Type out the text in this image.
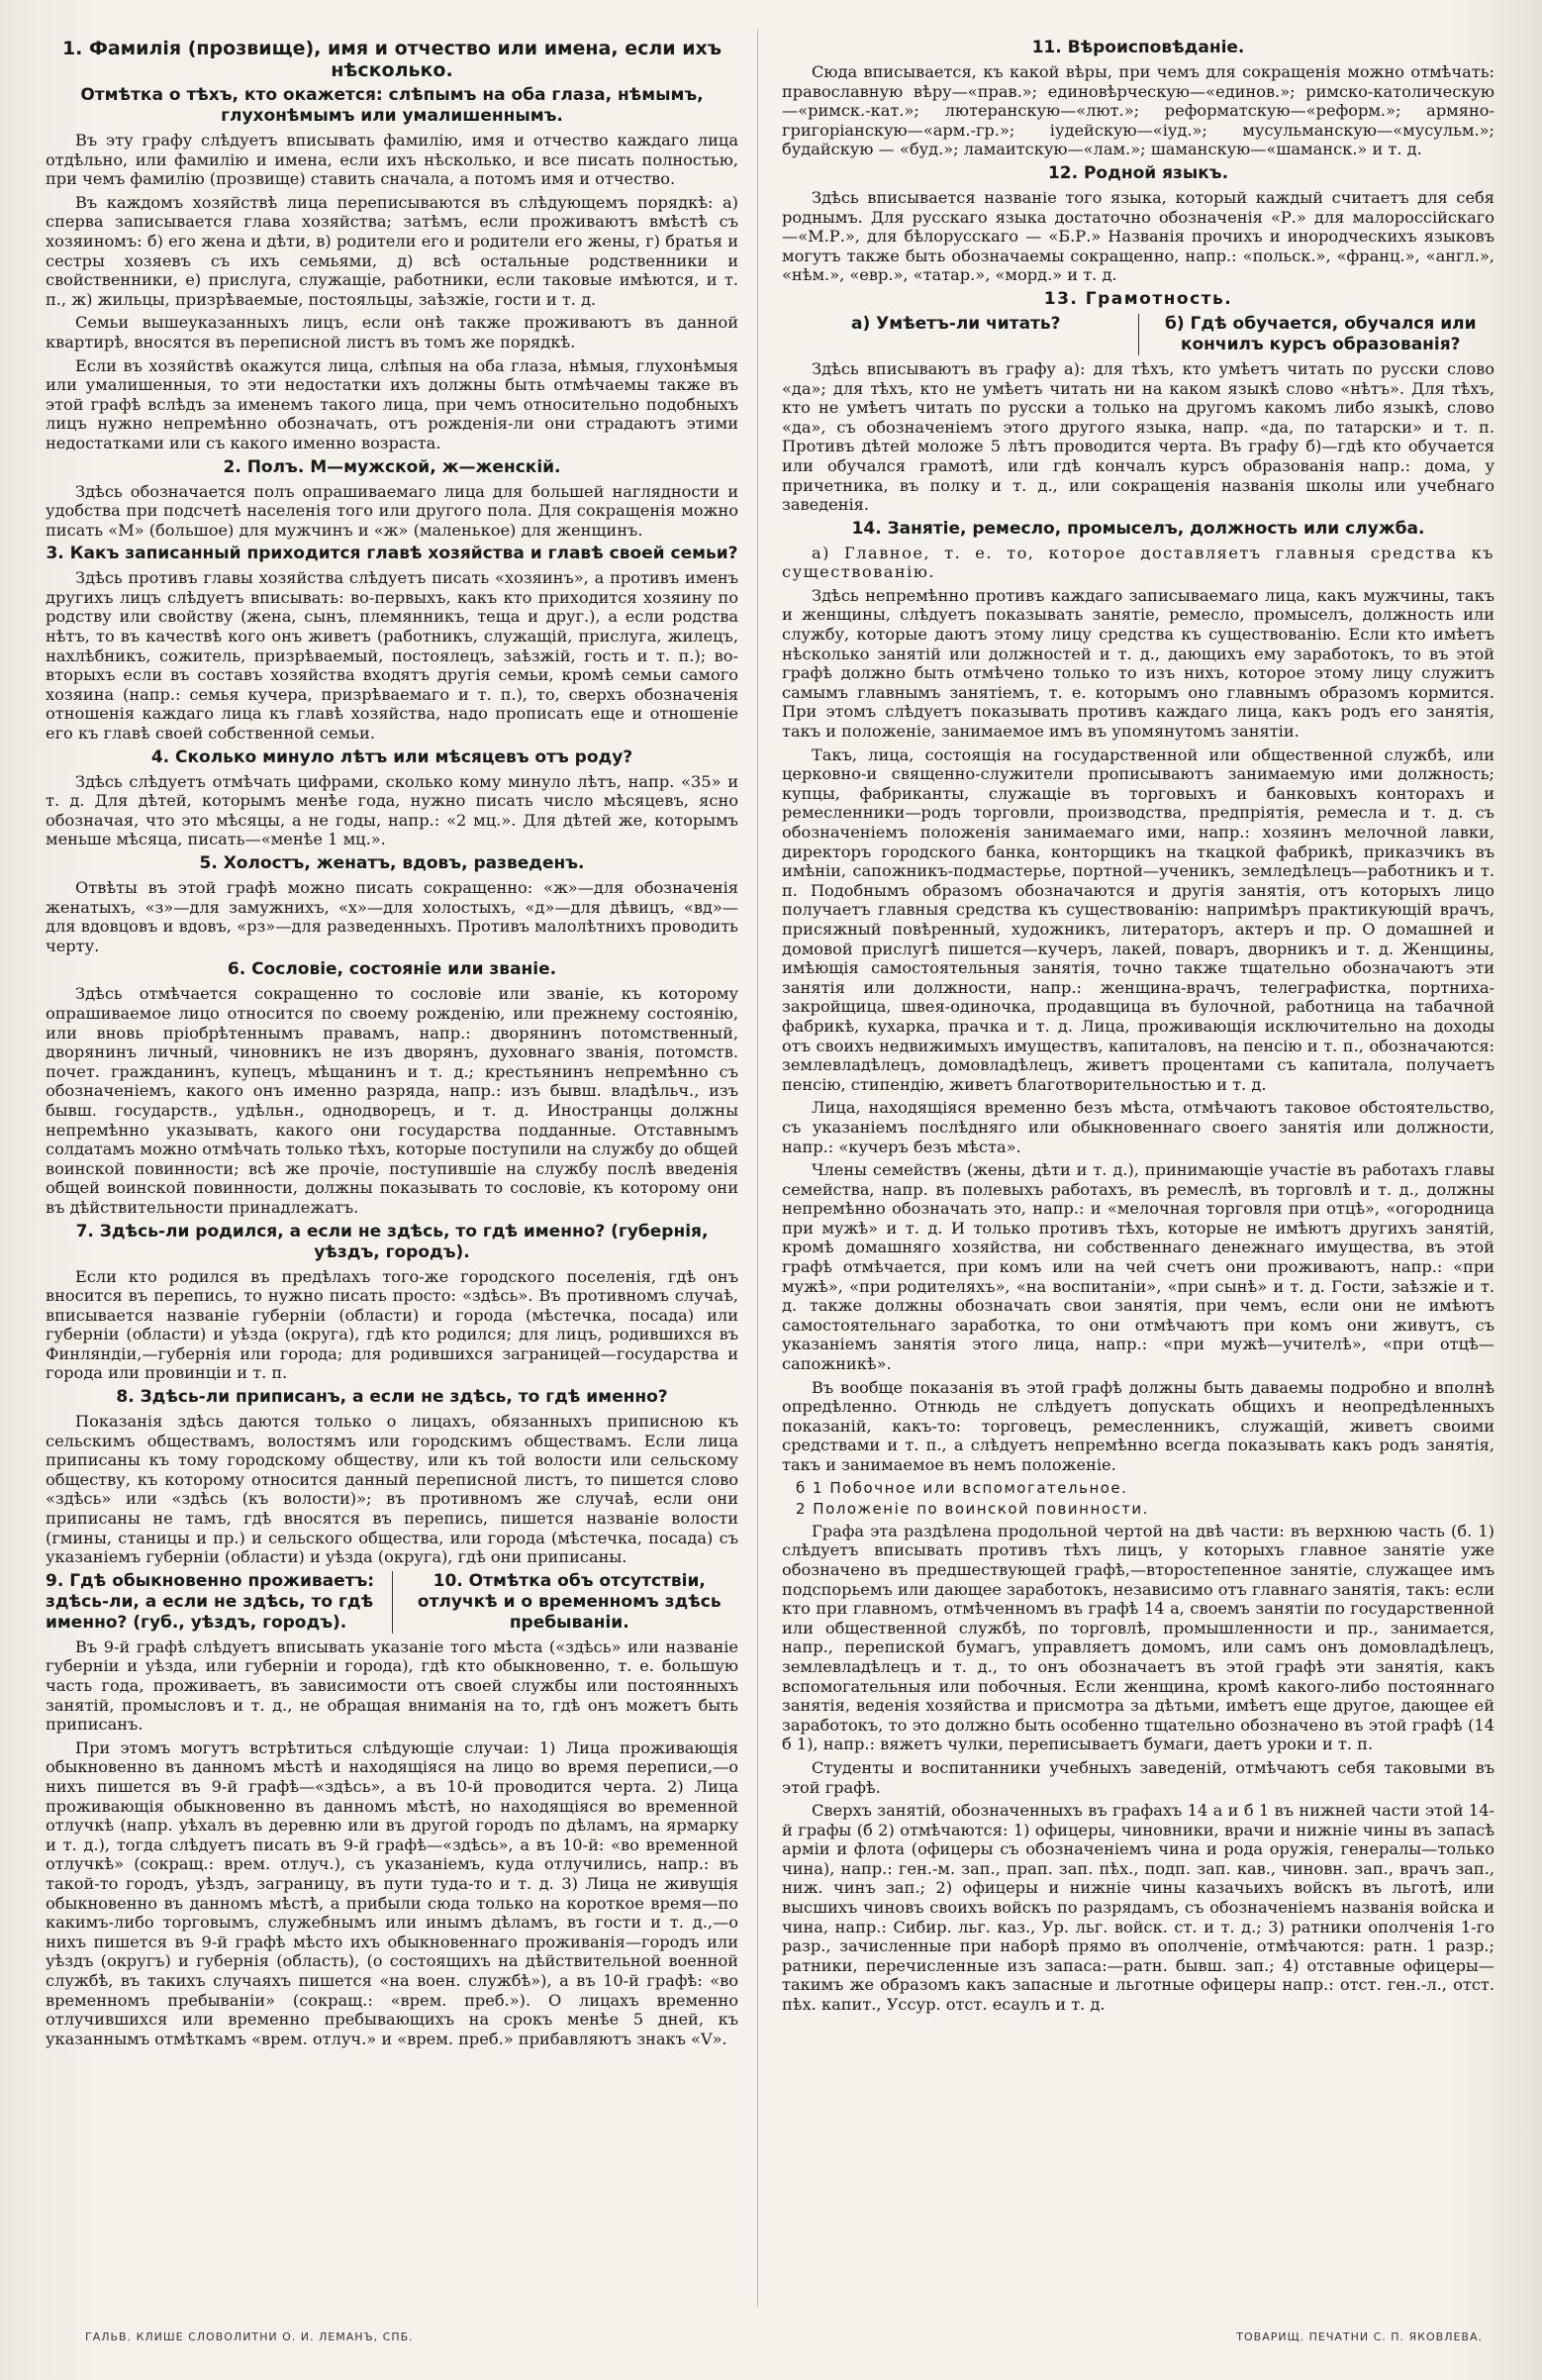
1. Фамилія (прозвище), имя и отчество или имена, если ихъ нѣсколько.
Отмѣтка о тѣхъ, кто окажется: слѣпымъ на оба глаза, нѣмымъ, глухонѣмымъ или умалишеннымъ.

Въ эту графу слѣдуетъ вписывать фамилію, имя и отчество каждаго лица отдѣльно, или фамилію и имена, если ихъ нѣсколько, и все писать полностью, при чемъ фамилію (прозвище) ставить сначала, а потомъ имя и отчество.

Въ каждомъ хозяйствѣ лица переписываются въ слѣдующемъ порядкѣ: а) сперва записывается глава хозяйства; затѣмъ, если проживаютъ вмѣстѣ съ хозяиномъ: б) его жена и дѣти, в) родители его и родители его жены, г) братья и сестры хозяевъ съ ихъ семьями, д) всѣ остальные родственники и свойственники, е) прислуга, служащіе, работники, если таковые имѣются, и т. п., ж) жильцы, призрѣваемые, постояльцы, заѣзжіе, гости и т. д.

Семьи вышеуказанныхъ лицъ, если онѣ также проживаютъ въ данной квартирѣ, вносятся въ переписной листъ въ томъ же порядкѣ.

Если въ хозяйствѣ окажутся лица, слѣпыя на оба глаза, нѣмыя, глухонѣмыя или умалишенныя, то эти недостатки ихъ должны быть отмѣчаемы также въ этой графѣ вслѣдъ за именемъ такого лица, при чемъ относительно подобныхъ лицъ нужно непремѣнно обозначать, отъ рожденія-ли они страдаютъ этими недостатками или съ какого именно возраста.

2. Полъ. М—мужской, ж—женскій.

Здѣсь обозначается полъ опрашиваемаго лица для большей наглядности и удобства при подсчетѣ населенія того или другого пола. Для сокращенія можно писать «М» (большое) для мужчинъ и «ж» (маленькое) для женщинъ.

3. Какъ записанный приходится главѣ хозяйства и главѣ своей семьи?

Здѣсь противъ главы хозяйства слѣдуетъ писать «хозяинъ», а противъ именъ другихъ лицъ слѣдуетъ вписывать: во-первыхъ, какъ кто приходится хозяину по родству или свойству (жена, сынъ, племянникъ, теща и друг.), а если родства нѣтъ, то въ качествѣ кого онъ живетъ (работникъ, служащій, прислуга, жилецъ, нахлѣбникъ, сожитель, призрѣваемый, постоялецъ, заѣзжій, гость и т. п.); во-вторыхъ если въ составъ хозяйства входятъ другія семьи, кромѣ семьи самого хозяина (напр.: семья кучера, призрѣваемаго и т. п.), то, сверхъ обозначенія отношенія каждаго лица къ главѣ хозяйства, надо прописать еще и отношеніе его къ главѣ своей собственной семьи.

4. Сколько минуло лѣтъ или мѣсяцевъ отъ роду?

Здѣсь слѣдуетъ отмѣчать цифрами, сколько кому минуло лѣтъ, напр. «35» и т. д. Для дѣтей, которымъ менѣе года, нужно писать число мѣсяцевъ, ясно обозначая, что это мѣсяцы, а не годы, напр.: «2 мц.». Для дѣтей же, которымъ меньше мѣсяца, писать—«менѣе 1 мц.».

5. Холостъ, женатъ, вдовъ, разведенъ.

Отвѣты въ этой графѣ можно писать сокращенно: «ж»—для обозначенія женатыхъ, «з»—для замужнихъ, «х»—для холостыхъ, «д»—для дѣвицъ, «вд»—для вдовцовъ и вдовъ, «рз»—для разведенныхъ. Противъ малолѣтнихъ проводить черту.

6. Сословіе, состояніе или званіе.

Здѣсь отмѣчается сокращенно то сословіе или званіе, къ которому опрашиваемое лицо относится по своему рожденію, или прежнему состоянію, или вновь пріобрѣтеннымъ правамъ, напр.: дворянинъ потомственный, дворянинъ личный, чиновникъ не изъ дворянъ, духовнаго званія, потомств. почет. гражданинъ, купецъ, мѣщанинъ и т. д.; крестьянинъ непремѣнно съ обозначеніемъ, какого онъ именно разряда, напр.: изъ бывш. владѣльч., изъ бывш. государств., удѣльн., однодворецъ, и т. д. Иностранцы должны непремѣнно указывать, какого они государства подданные. Отставнымъ солдатамъ можно отмѣчать только тѣхъ, которые поступили на службу до общей воинской повинности; всѣ же прочіе, поступившіе на службу послѣ введенія общей воинской повинности, должны показывать то сословіе, къ которому они въ дѣйствительности принадлежатъ.

7. Здѣсь-ли родился, а если не здѣсь, то гдѣ именно? (губернія, уѣздъ, городъ).

Если кто родился въ предѣлахъ того-же городского поселенія, гдѣ онъ вносится въ перепись, то нужно писать просто: «здѣсь». Въ противномъ случаѣ, вписывается названіе губерніи (области) и города (мѣстечка, посада) или губерніи (области) и уѣзда (округа), гдѣ кто родился; для лицъ, родившихся въ Финляндіи,—губернія или города; для родившихся заграницей—государства и города или провинціи и т. п.

8. Здѣсь-ли приписанъ, а если не здѣсь, то гдѣ именно?

Показанія здѣсь даются только о лицахъ, обязанныхъ приписною къ сельскимъ обществамъ, волостямъ или городскимъ обществамъ. Если лица приписаны къ тому городскому обществу, или къ той волости или сельскому обществу, къ которому относится данный переписной листъ, то пишется слово «здѣсь» или «здѣсь (къ волости)»; въ противномъ же случаѣ, если они приписаны не тамъ, гдѣ вносятся въ перепись, пишется названіе волости (гмины, станицы и пр.) и сельского общества, или города (мѣстечка, посада) съ указаніемъ губерніи (области) и уѣзда (округа), гдѣ они приписаны.

9. Гдѣ обыкновенно проживаетъ: здѣсь-ли, а если не здѣсь, то гдѣ именно? (губ., уѣздъ, городъ).
10. Отмѣтка объ отсутствіи, отлучкѣ и о временномъ здѣсь пребываніи.

Въ 9-й графѣ слѣдуетъ вписывать указаніе того мѣста («здѣсь» или названіе губерніи и уѣзда, или губерніи и города), гдѣ кто обыкновенно, т. е. большую часть года, проживаетъ, въ зависимости отъ своей службы или постоянныхъ занятій, промысловъ и т. д., не обращая вниманія на то, гдѣ онъ можетъ быть приписанъ.

При этомъ могутъ встрѣтиться слѣдующіе случаи: 1) Лица проживающія обыкновенно въ данномъ мѣстѣ и находящіяся на лицо во время переписи,—о нихъ пишется въ 9-й графѣ—«здѣсь», а въ 10-й проводится черта. 2) Лица проживающія обыкновенно въ данномъ мѣстѣ, но находящіяся во временной отлучкѣ (напр. уѣхалъ въ деревню или въ другой городъ по дѣламъ, на ярмарку и т. д.), тогда слѣдуетъ писать въ 9-й графѣ—«здѣсь», а въ 10-й: «во временной отлучкѣ» (сокращ.: врем. отлуч.), съ указаніемъ, куда отлучились, напр.: въ такой-то городъ, уѣздъ, заграницу, въ пути туда-то и т. д. 3) Лица не живущія обыкновенно въ данномъ мѣстѣ, а прибыли сюда только на короткое время—по какимъ-либо торговымъ, служебнымъ или инымъ дѣламъ, въ гости и т. д.,—о нихъ пишется въ 9-й графѣ мѣсто ихъ обыкновеннаго проживанія—городъ или уѣздъ (округъ) и губернія (область), (о состоящихъ на дѣйствительной военной службѣ, въ такихъ случаяхъ пишется «на воен. службѣ»), а въ 10-й графѣ: «во временномъ пребываніи» (сокращ.: «врем. преб.»). О лицахъ временно отлучившихся или временно пребывающихъ на срокъ менѣе 5 дней, къ указаннымъ отмѣткамъ «врем. отлуч.» и «врем. преб.» прибавляютъ знакъ «V».

11. Вѣроисповѣданіе.

Сюда вписывается, къ какой вѣры, при чемъ для сокращенія можно отмѣчать: православную вѣру—«прав.»; единовѣрческую—«единов.»; римско-католическую—«римск.-кат.»; лютеранскую—«лют.»; реформатскую—«реформ.»; армяно-григоріанскую—«арм.-гр.»; іудейскую—«іуд.»; мусульманскую—«мусульм.»; будайскую — «буд.»; ламаитскую—«лам.»; шаманскую—«шаманск.» и т. д.

12. Родной языкъ.

Здѣсь вписывается названіе того языка, который каждый считаетъ для себя роднымъ. Для русскаго языка достаточно обозначенія «Р.» для малороссійскаго—«М.Р.», для бѣлорусскаго — «Б.Р.» Названія прочихъ и инородческихъ языковъ могутъ также быть обозначаемы сокращенно, напр.: «польск.», «франц.», «англ.», «нѣм.», «евр.», «татар.», «морд.» и т. д.

13. Грамотность.
а) Умѣетъ-ли читать?	б) Гдѣ обучается, обучался или кончилъ курсъ образованія?

Здѣсь вписываютъ въ графу а): для тѣхъ, кто умѣетъ читать по русски слово «да»; для тѣхъ, кто не умѣетъ читать ни на каком языкѣ слово «нѣтъ». Для тѣхъ, кто не умѣетъ читать по русски а только на другомъ какомъ либо языкѣ, слово «да», съ обозначеніемъ этого другого языка, напр. «да, по татарски» и т. п. Противъ дѣтей моложе 5 лѣтъ проводится черта. Въ графу б)—гдѣ кто обучается или обучался грамотѣ, или гдѣ кончалъ курсъ образованія напр.: дома, у причетника, въ полку и т. д., или сокращенія названія школы или учебнаго заведенія.

14. Занятіе, ремесло, промыселъ, должность или служба.

а) Главное, т. е. то, которое доставляетъ главныя средства къ существованію.

Здѣсь непремѣнно противъ каждаго записываемаго лица, какъ мужчины, такъ и женщины, слѣдуетъ показывать занятіе, ремесло, промыселъ, должность или службу, которые даютъ этому лицу средства къ существованію. Если кто имѣетъ нѣсколько занятій или должностей и т. д., дающихъ ему заработокъ, то въ этой графѣ должно быть отмѣчено только то изъ нихъ, которое этому лицу служитъ самымъ главнымъ занятіемъ, т. е. которымъ оно главнымъ образомъ кормится. При этомъ слѣдуетъ показывать противъ каждаго лица, какъ родъ его занятія, такъ и положеніе, занимаемое имъ въ упомянутомъ занятіи.

Такъ, лица, состоящія на государственной или общественной службѣ, или церковно-и священно-служители прописываютъ занимаемую ими должность; купцы, фабриканты, служащіе въ торговыхъ и банковыхъ конторахъ и ремесленники—родъ торговли, производства, предпріятія, ремесла и т. д. съ обозначеніемъ положенія занимаемаго ими, напр.: хозяинъ мелочной лавки, директоръ городского банка, конторщикъ на ткацкой фабрикѣ, приказчикъ въ имѣніи, сапожникъ-подмастерье, портной—ученикъ, земледѣлецъ—работникъ и т. п. Подобнымъ образомъ обозначаются и другія занятія, отъ которыхъ лицо получаетъ главныя средства къ существованію: напримѣръ практикующій врачъ, присяжный повѣренный, художникъ, литераторъ, актеръ и пр. О домашней и домовой прислугѣ пишется—кучеръ, лакей, поваръ, дворникъ и т. д. Женщины, имѣющія самостоятельныя занятія, точно также тщательно обозначаютъ эти занятія или должности, напр.: женщина-врачъ, телеграфистка, портниха-закройщица, швея-одиночка, продавщица въ булочной, работница на табачной фабрикѣ, кухарка, прачка и т. д. Лица, проживающія исключительно на доходы отъ своихъ недвижимыхъ имуществъ, капиталовъ, на пенсію и т. п., обозначаются: землевладѣлецъ, домовладѣлецъ, живетъ процентами съ капитала, получаетъ пенсію, стипендію, живетъ благотворительностью и т. д.

Лица, находящіяся временно безъ мѣста, отмѣчаютъ таковое обстоятельство, съ указаніемъ послѣдняго или обыкновеннаго своего занятія или должности, напр.: «кучеръ безъ мѣста».

Члены семействъ (жены, дѣти и т. д.), принимающіе участіе въ работахъ главы семейства, напр. въ полевыхъ работахъ, въ ремеслѣ, въ торговлѣ и т. д., должны непремѣнно обозначать это, напр.: и «мелочная торговля при отцѣ», «огородница при мужѣ» и т. д. И только противъ тѣхъ, которые не имѣютъ другихъ занятій, кромѣ домашняго хозяйства, ни собственнаго денежнаго имущества, въ этой графѣ отмѣчается, при комъ или на чей счетъ они проживаютъ, напр.: «при мужѣ», «при родителяхъ», «на воспитаніи», «при сынѣ» и т. д. Гости, заѣзжіе и т. д. также должны обозначать свои занятія, при чемъ, если они не имѣютъ самостоятельнаго заработка, то они отмѣчаютъ при комъ они живутъ, съ указаніемъ занятія этого лица, напр.: «при мужѣ—учителѣ», «при отцѣ—сапожникѣ».

Въ вообще показанія въ этой графѣ должны быть даваемы подробно и вполнѣ опредѣленно. Отнюдь не слѣдуетъ допускать общихъ и неопредѣленныхъ показаній, какъ-то: торговецъ, ремесленникъ, служащій, живетъ своими средствами и т. п., а слѣдуетъ непремѣнно всегда показывать какъ родъ занятія, такъ и занимаемое въ немъ положеніе.

б 1 Побочное или вспомогательное.
2 Положеніе по воинской повинности.

Графа эта раздѣлена продольной чертой на двѣ части: въ верхнюю часть (б. 1) слѣдуетъ вписывать противъ тѣхъ лицъ, у которыхъ главное занятіе уже обозначено въ предшествующей графѣ,—второстепенное занятіе, служащее имъ подспорьемъ или дающее заработокъ, независимо отъ главнаго занятія, такъ: если кто при главномъ, отмѣченномъ въ графѣ 14 а, своемъ занятіи по государственной или общественной службѣ, по торговлѣ, промышленности и пр., занимается, напр., перепиской бумагъ, управляетъ домомъ, или самъ онъ домовладѣлецъ, землевладѣлецъ и т. д., то онъ обозначаетъ въ этой графѣ эти занятія, какъ вспомогательныя или побочныя. Если женщина, кромѣ какого-либо постояннаго занятія, веденія хозяйства и присмотра за дѣтьми, имѣетъ еще другое, дающее ей заработокъ, то это должно быть особенно тщательно обозначено въ этой графѣ (14 б 1), напр.: вяжетъ чулки, переписываетъ бумаги, даетъ уроки и т. п.

Студенты и воспитанники учебныхъ заведеній, отмѣчаютъ себя таковыми въ этой графѣ.

Сверхъ занятій, обозначенныхъ въ графахъ 14 а и б 1 въ нижней части этой 14-й графы (б 2) отмѣчаются: 1) офицеры, чиновники, врачи и нижніе чины въ запасѣ арміи и флота (офицеры съ обозначеніемъ чина и рода оружія, генералы—только чина), напр.: ген.-м. зап., прап. зап. пѣх., подп. зап. кав., чиновн. зап., врачъ зап., ниж. чинъ зап.; 2) офицеры и нижніе чины казачьихъ войскъ въ льготѣ, или высшихъ чиновъ своихъ войскъ по разрядамъ, съ обозначеніемъ названія войска и чина, напр.: Сибир. льг. каз., Ур. льг. войск. ст. и т. д.; 3) ратники ополченія 1-го разр., зачисленные при наборѣ прямо въ ополченіе, отмѣчаются: ратн. 1 разр.; ратники, перечисленные изъ запаса:—ратн. бывш. зап.; 4) отставные офицеры—такимъ же образомъ какъ запасные и льготные офицеры напр.: отст. ген.-л., отст. пѣх. капит., Уссур. отст. есаулъ и т. д.

ГАЛЬВ. КЛИШЕ СЛОВОЛИТНИ О. И. ЛЕМАНЪ, СПБ.	ТОВАРИЩ. ПЕЧАТНИ С. П. ЯКОВЛЕВА.
